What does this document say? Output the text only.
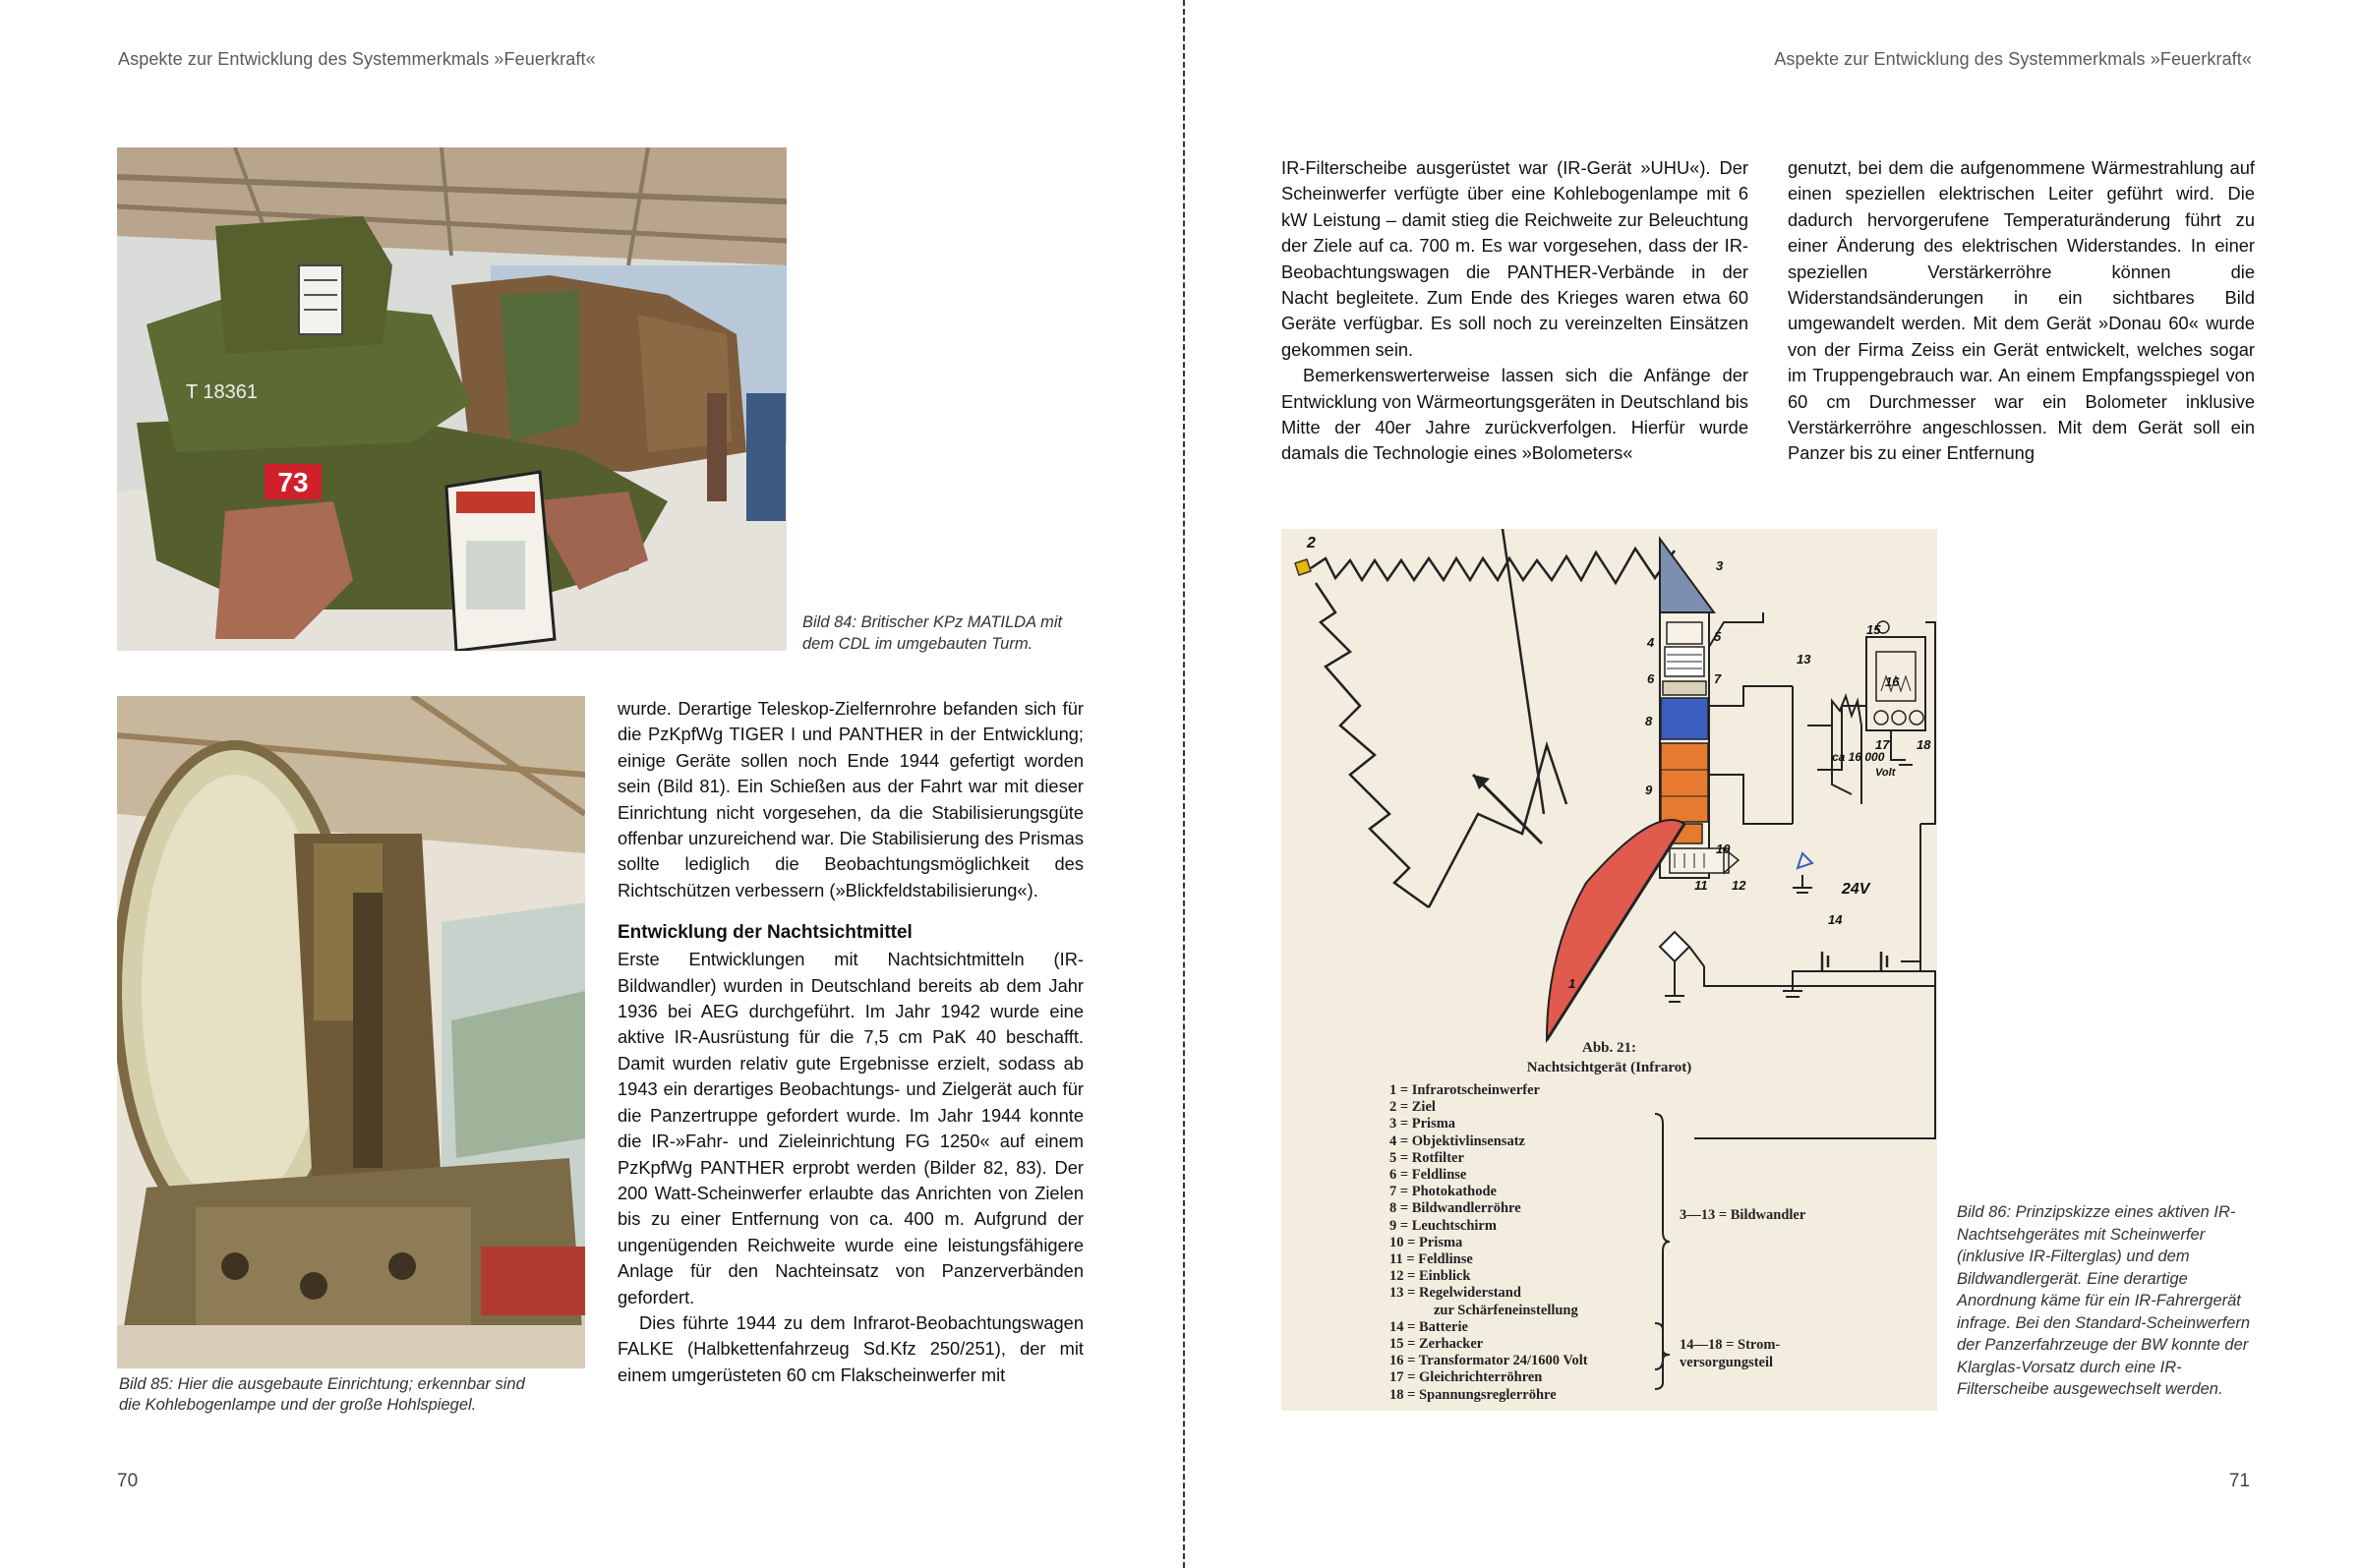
Aspekte zur Entwicklung des Systemmerkmals »Feuerkraft«
73
T 18361
Bild 84: Britischer KPz MATILDA mit
dem CDL im umgebauten Turm.
Bild 85: Hier die ausgebaute Einrichtung; erkennbar sind
die Kohlebogenlampe und der große Hohlspiegel.

wurde. Derartige Teleskop-Zielfernrohre befanden sich für die PzKpfWg TIGER I und PANTHER in der Entwicklung; einige Geräte sollen noch Ende 1944 gefertigt worden sein (Bild 81). Ein Schießen aus der Fahrt war mit dieser Einrichtung nicht vorgesehen, da die Stabilisierungsgüte offenbar unzureichend war. Die Stabilisierung des Prismas sollte lediglich die Beobachtungsmöglichkeit des Richtschützen verbessern (»Blickfeldstabilisierung«).

Entwicklung der Nachtsichtmittel

Erste Entwicklungen mit Nachtsichtmitteln (IR-Bildwandler) wurden in Deutschland bereits ab dem Jahr 1936 bei AEG durchgeführt. Im Jahr 1942 wurde eine aktive IR-Ausrüstung für die 7,5 cm PaK 40 beschafft. Damit wurden relativ gute Ergebnisse erzielt, sodass ab 1943 ein derartiges Beobachtungs- und Zielgerät auch für die Panzertruppe gefordert wurde. Im Jahr 1944 konnte die IR-»Fahr- und Zieleinrichtung FG 1250« auf einem PzKpfWg PANTHER erprobt werden (Bilder 82, 83). Der 200 Watt-Scheinwerfer erlaubte das Anrichten von Zielen bis zu einer Entfernung von ca. 400 m. Aufgrund der ungenügenden Reichweite wurde eine leistungsfähigere Anlage für den Nachteinsatz von Panzerverbänden gefordert.

Dies führte 1944 zu dem Infrarot-Beobachtungswagen FALKE (Halbkettenfahrzeug Sd.Kfz 250/251), der mit einem umgerüsteten 60 cm Flakscheinwerfer mit

70
Aspekte zur Entwicklung des Systemmerkmals »Feuerkraft«

IR-Filterscheibe ausgerüstet war (IR-Gerät »UHU«). Der Scheinwerfer verfügte über eine Kohlebogenlampe mit 6 kW Leistung – damit stieg die Reichweite zur Beleuchtung der Ziele auf ca. 700 m. Es war vorgesehen, dass der IR-Beobachtungswagen die PANTHER-Verbände in der Nacht begleitete. Zum Ende des Krieges waren etwa 60 Geräte verfügbar. Es soll noch zu vereinzelten Einsätzen gekommen sein.

Bemerkenswerterweise lassen sich die Anfänge der Entwicklung von Wärmeortungsgeräten in Deutschland bis Mitte der 40er Jahre zurückverfolgen. Hierfür wurde damals die Technologie eines »Bolometers«

genutzt, bei dem die aufgenommene Wärmestrahlung auf einen speziellen elektrischen Leiter geführt wird. Die dadurch hervorgerufene Temperaturänderung führt zu einer Änderung des elektrischen Widerstandes. In einer speziellen Verstärkerröhre können die Widerstandsänderungen in ein sichtbares Bild umgewandelt werden. Mit dem Gerät »Donau 60« wurde von der Firma Zeiss ein Gerät entwickelt, welches sogar im Truppengebrauch war. An einem Empfangsspiegel von 60 cm Durchmesser war ein Bolometer inklusive Verstärkerröhre angeschlossen. Mit dem Gerät soll ein Panzer bis zu einer Entfernung

Bild 86: Prinzipskizze eines aktiven IR-Nachtsehgerätes mit Scheinwerfer (inklusive IR-Filterglas) und dem Bildwandlergerät. Eine derartige Anordnung käme für ein IR-Fahrergerät infrage. Bei den Standard-Scheinwerfern der Panzerfahrzeuge der BW konnte der Klarglas-Vorsatz durch eine IR-Filterscheibe ausgewechselt werden.
71
2
3
4	5
6	7
8
9
10
11 12
13
14
15
16
17 18
1
ca 16 000
Volt
24V
Abb. 21:
Nachtsichtgerät (Infrarot)
1 = Infrarotscheinwerfer
2 = Ziel
3 = Prisma
4 = Objektivlinsensatz
5 = Rotfilter
6 = Feldlinse
7 = Photokathode
8 = Bildwandlerröhre
9 = Leuchtschirm
10 = Prisma
11 = Feldlinse
12 = Einblick
13 = Regelwiderstand
zur Schärfeneinstellung
14 = Batterie
15 = Zerhacker
16 = Transformator 24/1600 Volt
17 = Gleichrichterröhren
18 = Spannungsreglerröhre
3—13 = Bildwandler
14—18 = Strom-
versorgungsteil
